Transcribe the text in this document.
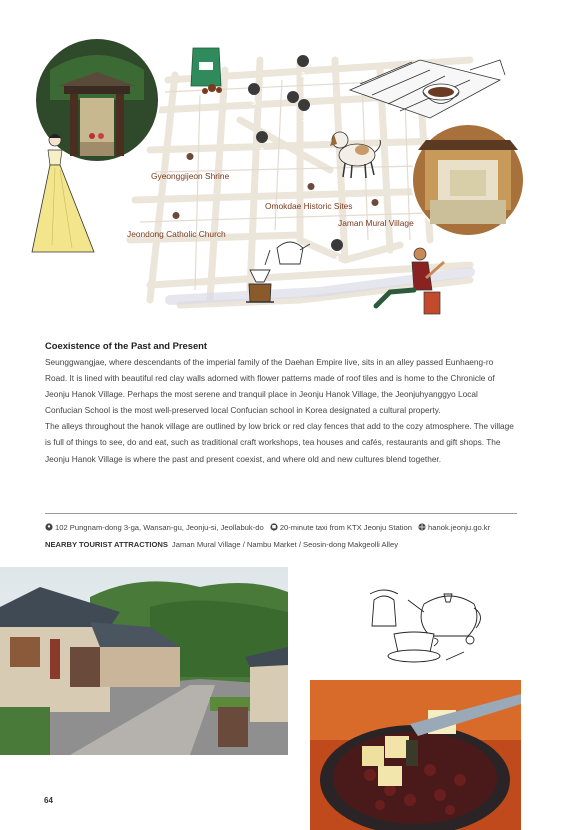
2
5
6
1
3
4
Gyeonggijeon Shrine
Omokdae Historic Sites
Jaman Mural Village
Jeondong Catholic Church
Coexistence of the Past and Present

Seunggwangjae, where descendants of the imperial family of the Daehan Empire live, sits in an alley passed Eunhaeng-ro Road. It is lined with beautiful red clay walls adorned with flower patterns made of roof tiles and is home to the Chronicle of Jeonju Hanok Village. Perhaps the most serene and tranquil place in Jeonju Hanok Village, the Jeonjuhyanggyo Local Confucian School is the most well-preserved local Confucian school in Korea designated a cultural property.

The alleys throughout the hanok village are outlined by low brick or red clay fences that add to the cozy atmosphere. The village is full of things to see, do and eat, such as traditional craft workshops, tea houses and cafés, restaurants and gift shops. The Jeonju Hanok Village is where the past and present coexist, and where old and new cultures blend together.

102 Pungnam-dong 3-ga, Wansan-gu, Jeonju-si, Jeollabuk-do 20-minute taxi from KTX Jeonju Station hanok.jeonju.go.kr
NEARBY TOURIST ATTRACTIONS Jaman Mural Village / Nambu Market / Seosin-dong Makgeolli Alley
64
